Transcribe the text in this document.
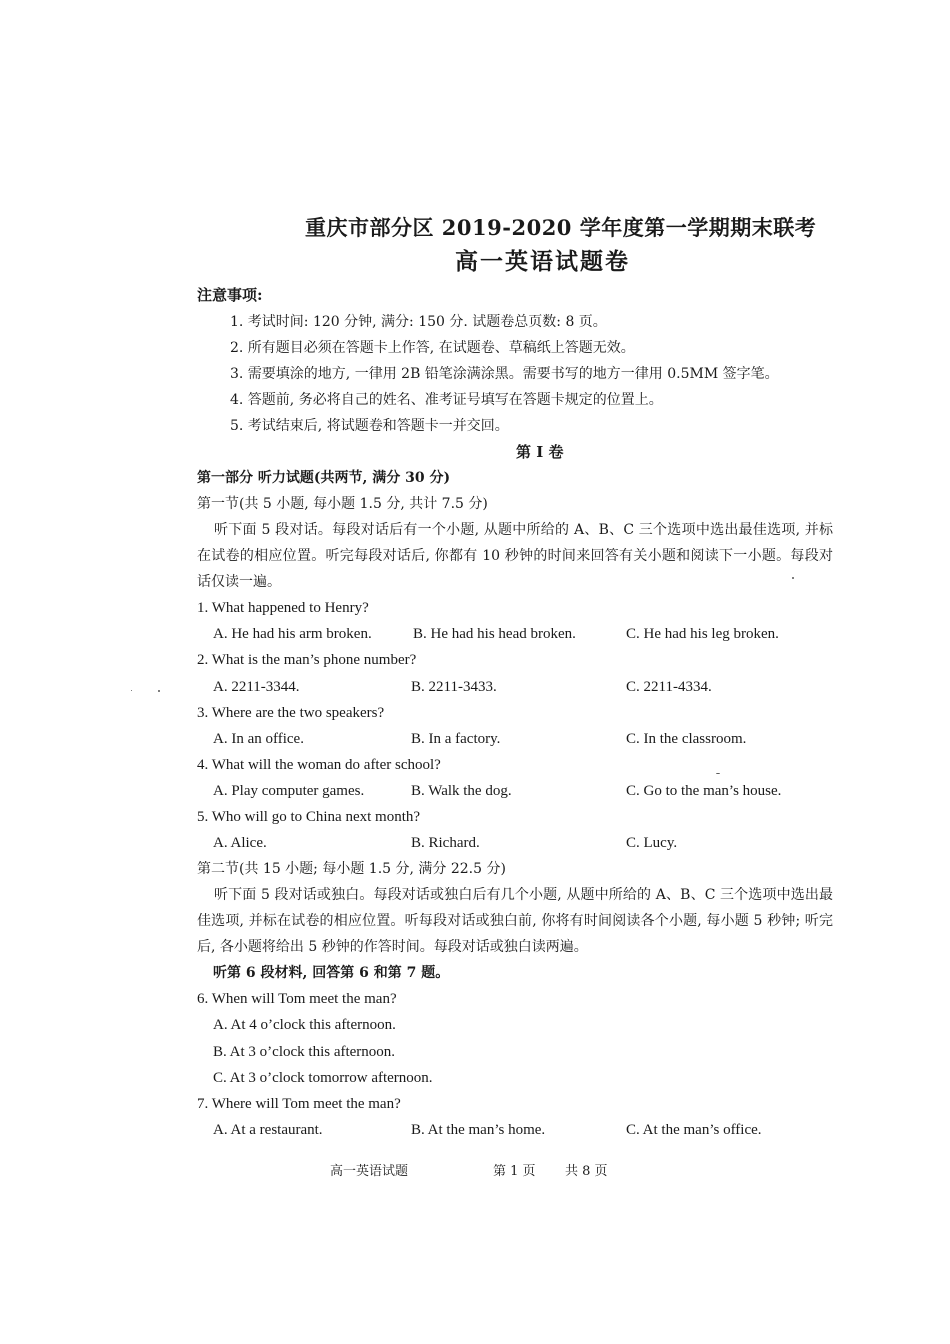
重庆市部分区 2019-2020 学年度第一学期期末联考
高一英语试题卷
注意事项:
1. 考试时间: 120 分钟, 满分: 150 分. 试题卷总页数: 8 页。
2. 所有题目必须在答题卡上作答, 在试题卷、草稿纸上答题无效。
3. 需要填涂的地方, 一律用 2B 铅笔涂满涂黑。需要书写的地方一律用 0.5MM 签字笔。
4. 答题前, 务必将自己的姓名、准考证号填写在答题卡规定的位置上。
5. 考试结束后, 将试题卷和答题卡一并交回。
第 I 卷
第一部分 听力试题(共两节, 满分 30 分)
第一节(共 5 小题, 每小题 1.5 分, 共计 7.5 分)
听下面 5 段对话。每段对话后有一个小题, 从题中所给的 A、B、C 三个选项中选出最佳选项, 并标在试卷的相应位置。听完每段对话后, 你都有 10 秒钟的时间来回答有关小题和阅读下一小题。每段对话仅读一遍。
1. What happened to Henry?
A. He had his arm broken.	B. He had his head broken.	C. He had his leg broken.
2. What is the man’s phone number?
A. 2211-3344.	B. 2211-3433.	C. 2211-4334.
3. Where are the two speakers?
A. In an office.	B. In a factory.	C. In the classroom.
4. What will the woman do after school?
A. Play computer games.	B. Walk the dog.	C. Go to the man’s house.
5. Who will go to China next month?
A. Alice.	B. Richard.	C. Lucy.
第二节(共 15 小题; 每小题 1.5 分, 满分 22.5 分)
听下面 5 段对话或独白。每段对话或独白后有几个小题, 从题中所给的 A、B、C 三个选项中选出最佳选项, 并标在试卷的相应位置。听每段对话或独白前, 你将有时间阅读各个小题, 每小题 5 秒钟; 听完后, 各小题将给出 5 秒钟的作答时间。每段对话或独白读两遍。
听第 6 段材料, 回答第 6 和第 7 题。
6. When will Tom meet the man?
A. At 4 o’clock this afternoon.
B. At 3 o’clock this afternoon.
C. At 3 o’clock tomorrow afternoon.
7. Where will Tom meet the man?
A. At a restaurant.	B. At the man’s home.	C. At the man’s office.
高一英语试题	第 1 页 共 8 页
